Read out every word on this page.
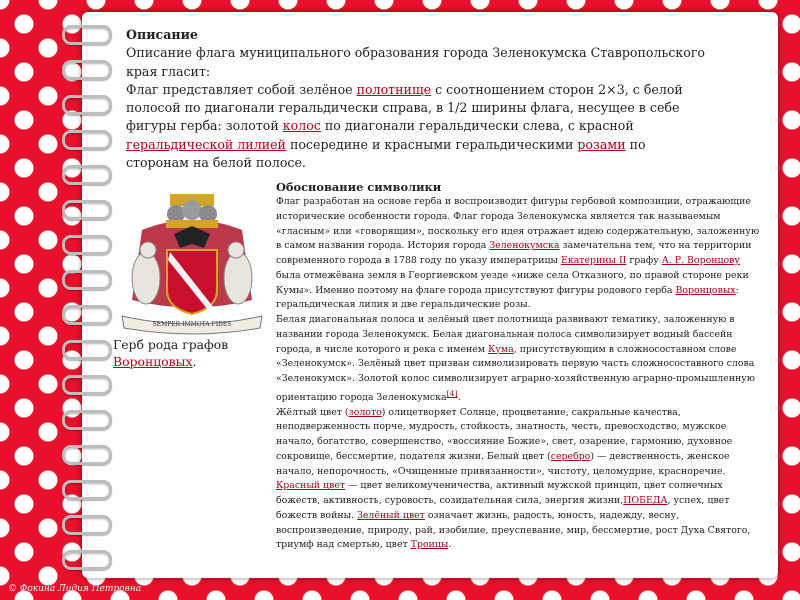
Описание
Описание флага муниципального образования города Зеленокумска Ставропольского края гласит:
Флаг представляет собой зелёное полотнище с соотношением сторон 2×3, с белой полосой по диагонали геральдически справа, в 1/2 ширины флага, несущее в себе фигуры герба: золотой колос по диагонали геральдически слева, с красной геральдической лилией посередине и красными геральдическими розами по сторонам на белой полосе.
SEMPER IMMOTA FIDES
Герб рода графов Воронцовых.
Обоснование символики

Флаг разработан на основе герба и воспроизводит фигуры гербовой композиции, отражающие исторические особенности города. Флаг города Зеленокумска является так называемым «гласным» или «говорящим», поскольку его идея отражает идею содержательную, заложенную в самом названии города. История города Зеленокумска замечательна тем, что на территории современного города в 1788 году по указу императрицы Екатерины II графу А. Р. Воронцову была отмежёвана земля в Георгиевском уезде «ниже села Отказного, по правой стороне реки Кумы». Именно поэтому на флаге города присутствуют фигуры родового герба Воронцовых: геральдическая лилия и две геральдические розы.

Белая диагональная полоса и зелёный цвет полотнища развивают тематику, заложенную в названии города Зеленокумск. Белая диагональная полоса символизирует водный бассейн города, в числе которого и река с именем Кума, присутствующим в сложносоставном слове «Зеленокумск». Зелёный цвет призван символизировать первую часть сложносоставного слова «Зеленокумск». Золотой колос символизирует аграрно-хозяйственную аграрно-промышленную ориентацию города Зеленокумска[4].

Жёлтый цвет (золото) олицетворяет Солнце, процветание, сакральные качества, неподверженность порче, мудрость, стойкость, знатность, честь, превосходство, мужское начало, богатство, совершенство, «воссияние Божие», свет, озарение, гармонию, духовное сокровище, бессмертие, подателя жизни. Белый цвет (серебро) — девственность, женское начало, непорочность, «Очищенные привязанности», чистоту, целомудрие, красноречие.

Красный цвет — цвет великомученичества, активный мужской принцип, цвет солнечных божеств, активность, суровость, созидательная сила, энергия жизни,ПОБЕДА, успех, цвет божеств войны. Зелёный цвет означает жизнь, радость, юность, надежду, весну, воспроизведение, природу, рай, изобилие, преуспевание, мир, бессмертие, рост Духа Святого, триумф над смертью, цвет Троицы.

© Фокина Лидия Петровна
